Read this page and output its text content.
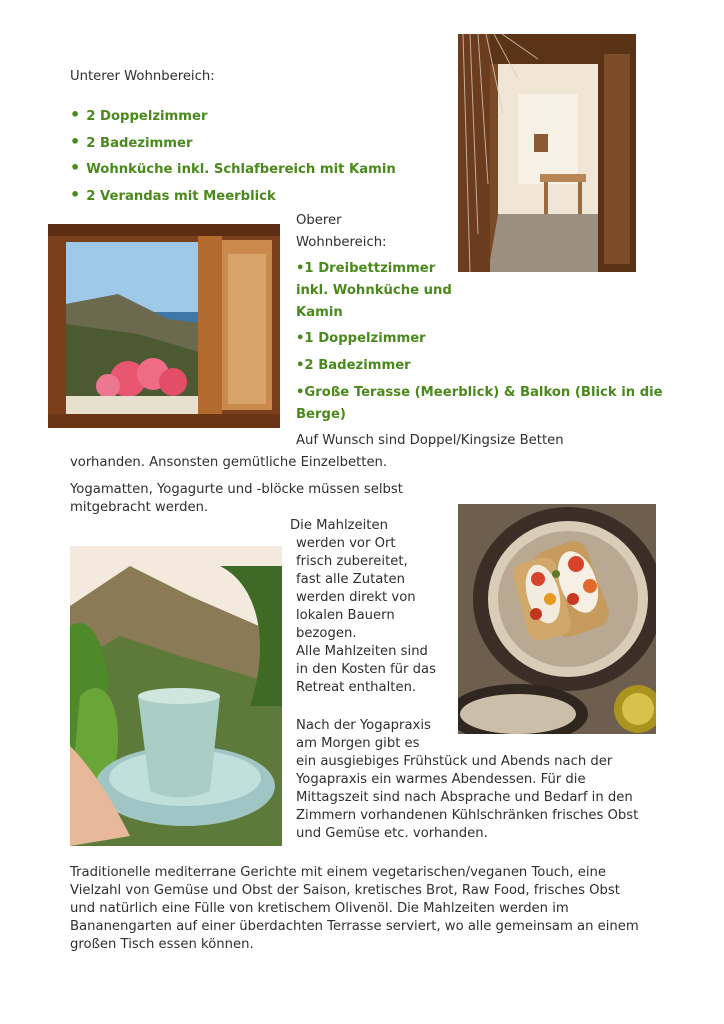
Unterer Wohnbereich:
• 2 Doppelzimmer
• 2 Badezimmer
• Wohnküche inkl. Schlafbereich mit Kamin
• 2 Verandas mit Meerblick
Oberer
Wohnbereich:
•1 Dreibettzimmer
inkl. Wohnküche und
Kamin
•1 Doppelzimmer
•2 Badezimmer
•Große Terasse (Meerblick) & Balkon (Blick in die
Berge)
Auf Wunsch sind Doppel/Kingsize Betten
vorhanden. Ansonsten gemütliche Einzelbetten.
Yogamatten, Yogagurte und -blöcke müssen selbst
mitgebracht werden.
Die Mahlzeiten
werden vor Ort
frisch zubereitet,
fast alle Zutaten
werden direkt von
lokalen Bauern
bezogen.
Alle Mahlzeiten sind
in den Kosten für das
Retreat enthalten.
Nach der Yogapraxis
am Morgen gibt es
ein ausgiebiges Frühstück und Abends nach der
Yogapraxis ein warmes Abendessen. Für die
Mittagszeit sind nach Absprache und Bedarf in den
Zimmern vorhandenen Kühlschränken frisches Obst
und Gemüse etc. vorhanden.
Traditionelle mediterrane Gerichte mit einem vegetarischen/veganen Touch, eine
Vielzahl von Gemüse und Obst der Saison, kretisches Brot, Raw Food, frisches Obst
und natürlich eine Fülle von kretischem Olivenöl. Die Mahlzeiten werden im
Bananengarten auf einer überdachten Terrasse serviert, wo alle gemeinsam an einem
großen Tisch essen können.
